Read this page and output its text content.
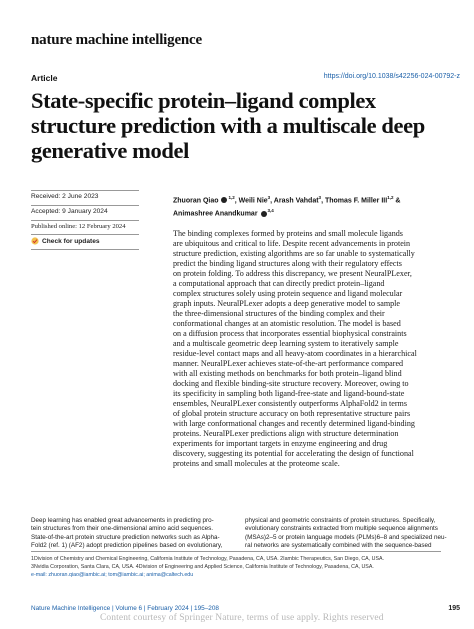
nature machine intelligence
Article	https://doi.org/10.1038/s42256-024-00792-z
State-specific protein–ligand complex
structure prediction with a multiscale deep
generative model
Received: 2 June 2023
Accepted: 9 January 2024
Published online: 12 February 2024
Check for updates
Zhuoran Qiao $^{1,2}$, Weili Nie$^3$, Arash Vahdat$^3$, Thomas F. Miller III$^{1,2}$ &
Animashree Anandkumar $^{3,4}$
The binding complexes formed by proteins and small molecule ligands
are ubiquitous and critical to life. Despite recent advancements in protein
structure prediction, existing algorithms are so far unable to systematically
predict the binding ligand structures along with their regulatory effects
on protein folding. To address this discrepancy, we present NeuralPLexer,
a computational approach that can directly predict protein–ligand
complex structures solely using protein sequence and ligand molecular
graph inputs. NeuralPLexer adopts a deep generative model to sample
the three-dimensional structures of the binding complex and their
conformational changes at an atomistic resolution. The model is based
on a diffusion process that incorporates essential biophysical constraints
and a multiscale geometric deep learning system to iteratively sample
residue-level contact maps and all heavy-atom coordinates in a hierarchical
manner. NeuralPLexer achieves state-of-the-art performance compared
with all existing methods on benchmarks for both protein–ligand blind
docking and flexible binding-site structure recovery. Moreover, owing to
its specificity in sampling both ligand-free-state and ligand-bound-state
ensembles, NeuralPLexer consistently outperforms AlphaFold2 in terms
of global protein structure accuracy on both representative structure pairs
with large conformational changes and recently determined ligand-binding
proteins. NeuralPLexer predictions align with structure determination
experiments for important targets in enzyme engineering and drug
discovery, suggesting its potential for accelerating the design of functional
proteins and small molecules at the proteome scale.
Deep learning has enabled great advancements in predicting pro-
tein structures from their one-dimensional amino acid sequences.
State-of-the-art protein structure prediction networks such as Alpha-
Fold2 (ref. 1) (AF2) adopt prediction pipelines based on evolutionary,
physical and geometric constraints of protein structures. Specifically,
evolutionary constraints extracted from multiple sequence alignments
(MSAs)2–5 or protein language models (PLMs)6–8 and specialized neu-
ral networks are systematically combined with the sequence-based
1Division of Chemistry and Chemical Engineering, California Institute of Technology, Pasadena, CA, USA. 2Iambic Therapeutics, San Diego, CA, USA.
3Nvidia Corporation, Santa Clara, CA, USA. 4Division of Engineering and Applied Science, California Institute of Technology, Pasadena, CA, USA.
e-mail: zhuoran.qiao@iambic.ai; tom@iambic.ai; anima@caltech.edu
Nature Machine Intelligence | Volume 6 | February 2024 | 195–208	195
Content courtesy of Springer Nature, terms of use apply. Rights reserved
